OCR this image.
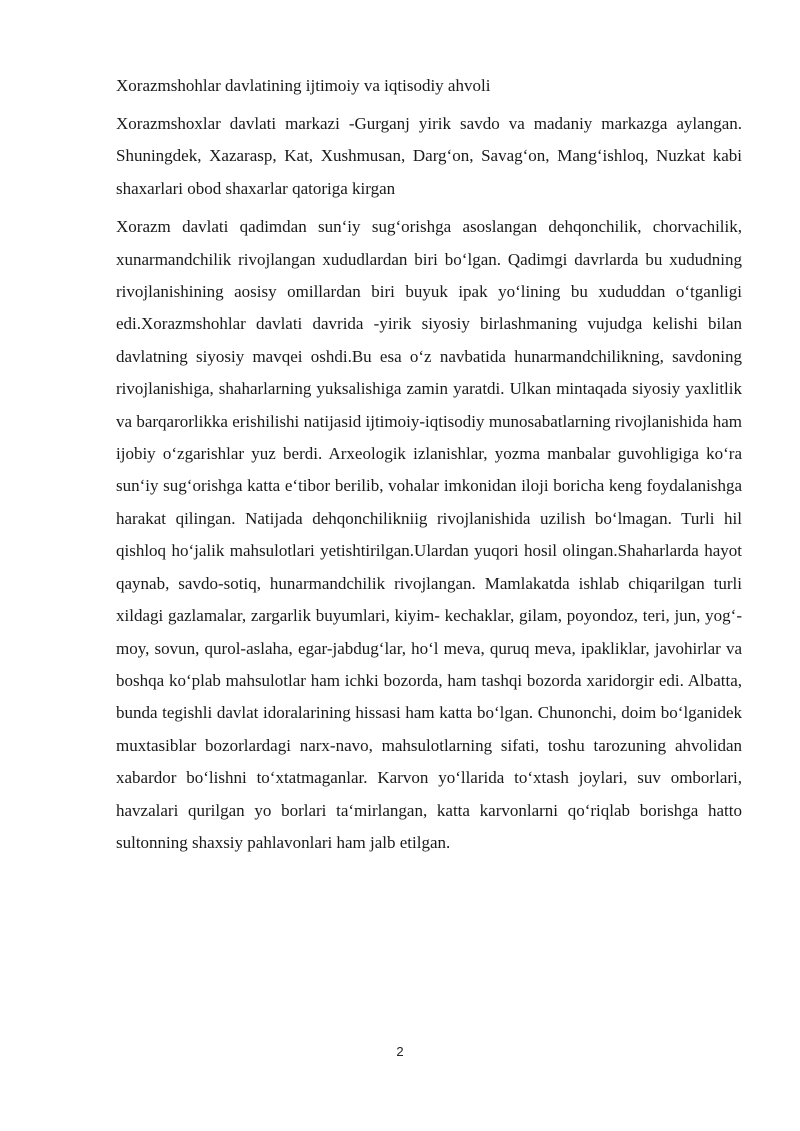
Xorazmshohlar davlatining ijtimoiy va iqtisodiy ahvoli

Xorazmshoxlar davlati markazi -Gurganj yirik savdo va madaniy markazga aylangan. Shuningdek, Xazarasp, Kat, Xushmusan, Darg‘on, Savag‘on, Mang‘ishloq, Nuzkat kabi shaxarlari obod shaxarlar qatoriga kirgan

Xorazm davlati qadimdan sun‘iy sug‘orishga asoslangan dehqonchilik, chorvachilik, xunarmandchilik rivojlangan xududlardan biri bo‘lgan. Qadimgi davrlarda bu xududning rivojlanishining aosisy omillardan biri buyuk ipak yo‘lining bu xududdan o‘tganligi edi.Xorazmshohlar davlati davrida -yirik siyosiy birlashmaning vujudga kelishi bilan davlatning siyosiy mavqei oshdi.Bu esa o‘z navbatida hunarmandchilikning, savdoning rivojlanishiga, shaharlarning yuksalishiga zamin yaratdi. Ulkan mintaqada siyosiy yaxlitlik va barqarorlikka erishilishi natijasid ijtimoiy-iqtisodiy munosabatlarning rivojlanishida ham ijobiy o‘zgarishlar yuz berdi. Arxeologik izlanishlar, yozma manbalar guvohligiga ko‘ra sun‘iy sug‘orishga katta e‘tibor berilib, vohalar imkonidan iloji boricha keng foydalanishga harakat qilingan. Natijada dehqonchilikniig rivojlanishida uzilish bo‘lmagan. Turli hil qishloq ho‘jalik mahsulotlari yetishtirilgan.Ulardan yuqori hosil olingan.Shaharlarda hayot qaynab, savdo-sotiq, hunarmandchilik rivojlangan. Mamlakatda ishlab chiqarilgan turli xildagi gazlamalar, zargarlik buyumlari, kiyim- kechaklar, gilam, poyondoz, teri, jun, yog‘-moy, sovun, qurol-aslaha, egar-jabdug‘lar, ho‘l meva, quruq meva, ipakliklar, javohirlar va boshqa ko‘plab mahsulotlar ham ichki bozorda, ham tashqi bozorda xaridorgir edi. Albatta, bunda tegishli davlat idoralarining hissasi ham katta bo‘lgan. Chunonchi, doim bo‘lganidek muxtasiblar bozorlardagi narx-navo, mahsulotlarning sifati, toshu tarozuning ahvolidan xabardor bo‘lishni to‘xtatmaganlar. Karvon yo‘llarida to‘xtash joylari, suv omborlari, havzalari qurilgan yo borlari ta‘mirlangan, katta karvonlarni qo‘riqlab borishga hatto sultonning shaxsiy pahlavonlari ham jalb etilgan.

2
